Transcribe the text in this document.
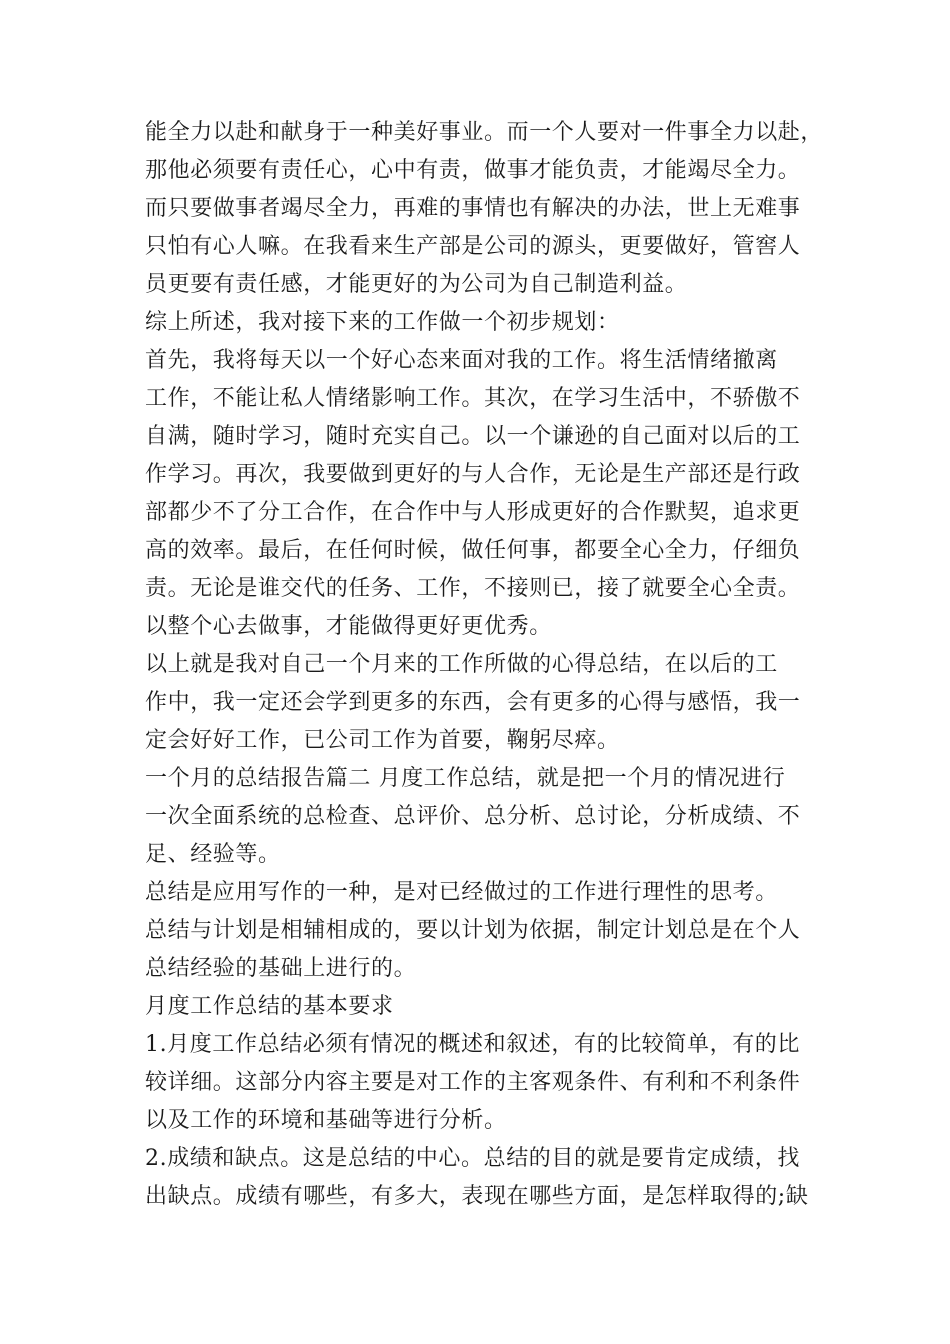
能全力以赴和献身于一种美好事业。而一个人要对一件事全力以赴，
那他必须要有责任心，心中有责，做事才能负责，才能竭尽全力。
而只要做事者竭尽全力，再难的事情也有解决的办法，世上无难事
只怕有心人嘛。在我看来生产部是公司的源头，更要做好，管窖人
员更要有责任感，才能更好的为公司为自己制造利益。
综上所述，我对接下来的工作做一个初步规划：
首先，我将每天以一个好心态来面对我的工作。将生活情绪撤离
工作，不能让私人情绪影响工作。其次，在学习生活中，不骄傲不
自满，随时学习，随时充实自己。以一个谦逊的自己面对以后的工
作学习。再次，我要做到更好的与人合作，无论是生产部还是行政
部都少不了分工合作，在合作中与人形成更好的合作默契，追求更
高的效率。最后，在任何时候，做任何事，都要全心全力，仔细负
责。无论是谁交代的任务、工作，不接则已，接了就要全心全责。
以整个心去做事，才能做得更好更优秀。
以上就是我对自己一个月来的工作所做的心得总结，在以后的工
作中，我一定还会学到更多的东西，会有更多的心得与感悟，我一
定会好好工作，已公司工作为首要，鞠躬尽瘁。
一个月的总结报告篇二 月度工作总结，就是把一个月的情况进行
一次全面系统的总检查、总评价、总分析、总讨论，分析成绩、不
足、经验等。
总结是应用写作的一种，是对已经做过的工作进行理性的思考。
总结与计划是相辅相成的，要以计划为依据，制定计划总是在个人
总结经验的基础上进行的。
月度工作总结的基本要求
1.月度工作总结必须有情况的概述和叙述，有的比较简单，有的比
较详细。这部分内容主要是对工作的主客观条件、有利和不利条件
以及工作的环境和基础等进行分析。
2.成绩和缺点。这是总结的中心。总结的目的就是要肯定成绩，找
出缺点。成绩有哪些，有多大，表现在哪些方面，是怎样取得的;缺
